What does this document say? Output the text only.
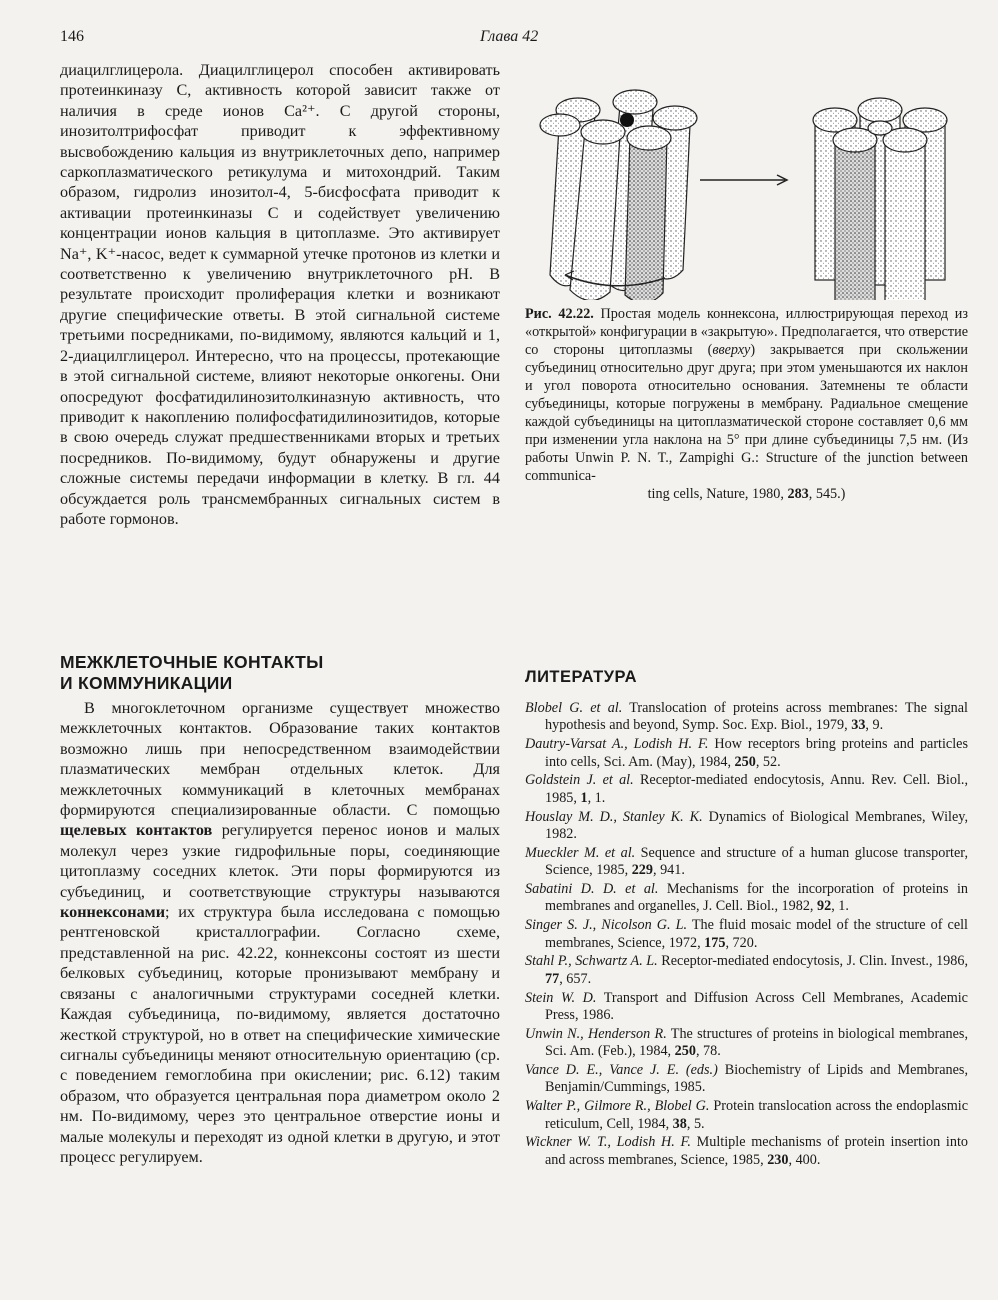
146	Глава 42

диацилглицерола. Диацилглицерол способен активировать протеинкиназу С, активность которой зависит также от наличия в среде ионов Ca²⁺. С другой стороны, инозитолтрифосфат приводит к эффективному высвобождению кальция из внутриклеточных депо, например саркоплазматического ретикулума и митохондрий. Таким образом, гидролиз инозитол-4, 5-бисфосфата приводит к активации протеинкиназы С и содействует увеличению концентрации ионов кальция в цитоплазме. Это активирует Na⁺, K⁺-насос, ведет к суммарной утечке протонов из клетки и соответственно к увеличению внутриклеточного pH. В результате происходит пролиферация клетки и возникают другие специфические ответы. В этой сигнальной системе третьими посредниками, по-видимому, являются кальций и 1, 2-диацилглицерол. Интересно, что на процессы, протекающие в этой сигнальной системе, влияют некоторые онкогены. Они опосредуют фосфатидилинозитолкиназную активность, что приводит к накоплению полифосфатидилинозитидов, которые в свою очередь служат предшественниками вторых и третьих посредников. По-видимому, будут обнаружены и другие сложные системы передачи информации в клетку. В гл. 44 обсуждается роль трансмембранных сигнальных систем в работе гормонов.

Рис. 42.22. Простая модель коннексона, иллюстрирующая переход из «открытой» конфигурации в «закрытую». Предполагается, что отверстие со стороны цитоплазмы (вверху) закрывается при скольжении субъединиц относительно друг друга; при этом уменьшаются их наклон и угол поворота относительно основания. Затемнены те области субъединицы, которые погружены в мембрану. Радиальное смещение каждой субъединицы на цитоплазматической стороне составляет 0,6 мм при изменении угла наклона на 5° при длине субъединицы 7,5 нм. (Из работы Unwin P. N. T., Zampighi G.: Structure of the junction between communica-

ting cells, Nature, 1980, 283, 545.)

МЕЖКЛЕТОЧНЫЕ КОНТАКТЫ
И КОММУНИКАЦИИ

В многоклеточном организме существует множество межклеточных контактов. Образование таких контактов возможно лишь при непосредственном взаимодействии плазматических мембран отдельных клеток. Для межклеточных коммуникаций в клеточных мембранах формируются специализированные области. С помощью щелевых контактов регулируется перенос ионов и малых молекул через узкие гидрофильные поры, соединяющие цитоплазму соседних клеток. Эти поры формируются из субъединиц, и соответствующие структуры называются коннексонами; их структура была исследована с помощью рентгеновской кристаллографии. Согласно схеме, представленной на рис. 42.22, коннексоны состоят из шести белковых субъединиц, которые пронизывают мембрану и связаны с аналогичными структурами соседней клетки. Каждая субъединица, по-видимому, является достаточно жесткой структурой, но в ответ на специфические химические сигналы субъединицы меняют относительную ориентацию (ср. с поведением гемоглобина при окислении; рис. 6.12) таким образом, что образуется центральная пора диаметром около 2 нм. По-видимому, через это центральное отверстие ионы и малые молекулы и переходят из одной клетки в другую, и этот процесс регулируем.

ЛИТЕРАТУРА
Blobel G. et al. Translocation of proteins across membranes: The signal hypothesis and beyond, Symp. Soc. Exp. Biol., 1979, 33, 9.
Dautry-Varsat A., Lodish H. F. How receptors bring proteins and particles into cells, Sci. Am. (May), 1984, 250, 52.
Goldstein J. et al. Receptor-mediated endocytosis, Annu. Rev. Cell. Biol., 1985, 1, 1.
Houslay M. D., Stanley K. K. Dynamics of Biological Membranes, Wiley, 1982.
Mueckler M. et al. Sequence and structure of a human glucose transporter, Science, 1985, 229, 941.
Sabatini D. D. et al. Mechanisms for the incorporation of proteins in membranes and organelles, J. Cell. Biol., 1982, 92, 1.
Singer S. J., Nicolson G. L. The fluid mosaic model of the structure of cell membranes, Science, 1972, 175, 720.
Stahl P., Schwartz A. L. Receptor-mediated endocytosis, J. Clin. Invest., 1986, 77, 657.
Stein W. D. Transport and Diffusion Across Cell Membranes, Academic Press, 1986.
Unwin N., Henderson R. The structures of proteins in biological membranes, Sci. Am. (Feb.), 1984, 250, 78.
Vance D. E., Vance J. E. (eds.) Biochemistry of Lipids and Membranes, Benjamin/Cummings, 1985.
Walter P., Gilmore R., Blobel G. Protein translocation across the endoplasmic reticulum, Cell, 1984, 38, 5.
Wickner W. T., Lodish H. F. Multiple mechanisms of protein insertion into and across membranes, Science, 1985, 230, 400.
